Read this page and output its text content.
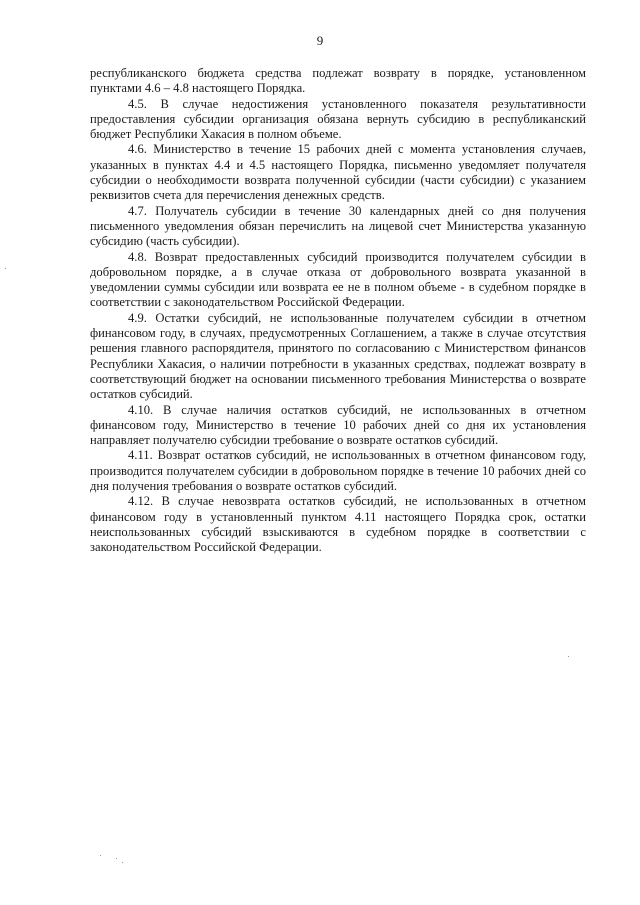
9

республиканского бюджета средства подлежат возврату в порядке, установленном пунктами 4.6 – 4.8 настоящего Порядка.

4.5. В случае недостижения установленного показателя результативности предоставления субсидии организация обязана вернуть субсидию в республиканский бюджет Республики Хакасия в полном объеме.

4.6. Министерство в течение 15 рабочих дней с момента установления случаев, указанных в пунктах 4.4 и 4.5 настоящего Порядка, письменно уведомляет получателя субсидии о необходимости возврата полученной субсидии (части субсидии) с указанием реквизитов счета для перечисления денежных средств.

4.7. Получатель субсидии в течение 30 календарных дней со дня получения письменного уведомления обязан перечислить на лицевой счет Министерства указанную субсидию (часть субсидии).

4.8. Возврат предоставленных субсидий производится получателем субсидии в добровольном порядке, а в случае отказа от добровольного возврата указанной в уведомлении суммы субсидии или возврата ее не в полном объеме - в судебном порядке в соответствии с законодательством Российской Федерации.

4.9. Остатки субсидий, не использованные получателем субсидии в отчетном финансовом году, в случаях, предусмотренных Соглашением, а также в случае отсутствия решения главного распорядителя, принятого по согласованию с Министерством финансов Республики Хакасия, о наличии потребности в указанных средствах, подлежат возврату в соответствующий бюджет на основании письменного требования Министерства о возврате остатков субсидий.

4.10. В случае наличия остатков субсидий, не использованных в отчетном финансовом году, Министерство в течение 10 рабочих дней со дня их установления направляет получателю субсидии требование о возврате остатков субсидий.

4.11. Возврат остатков субсидий, не использованных в отчетном финансовом году, производится получателем субсидии в добровольном порядке в течение 10 рабочих дней со дня получения требования о возврате остатков субсидий.

4.12. В случае невозврата остатков субсидий, не использованных в отчетном финансовом году в установленный пунктом 4.11 настоящего Порядка срок, остатки неиспользованных субсидий взыскиваются в судебном порядке в соответствии с законодательством Российской Федерации.
